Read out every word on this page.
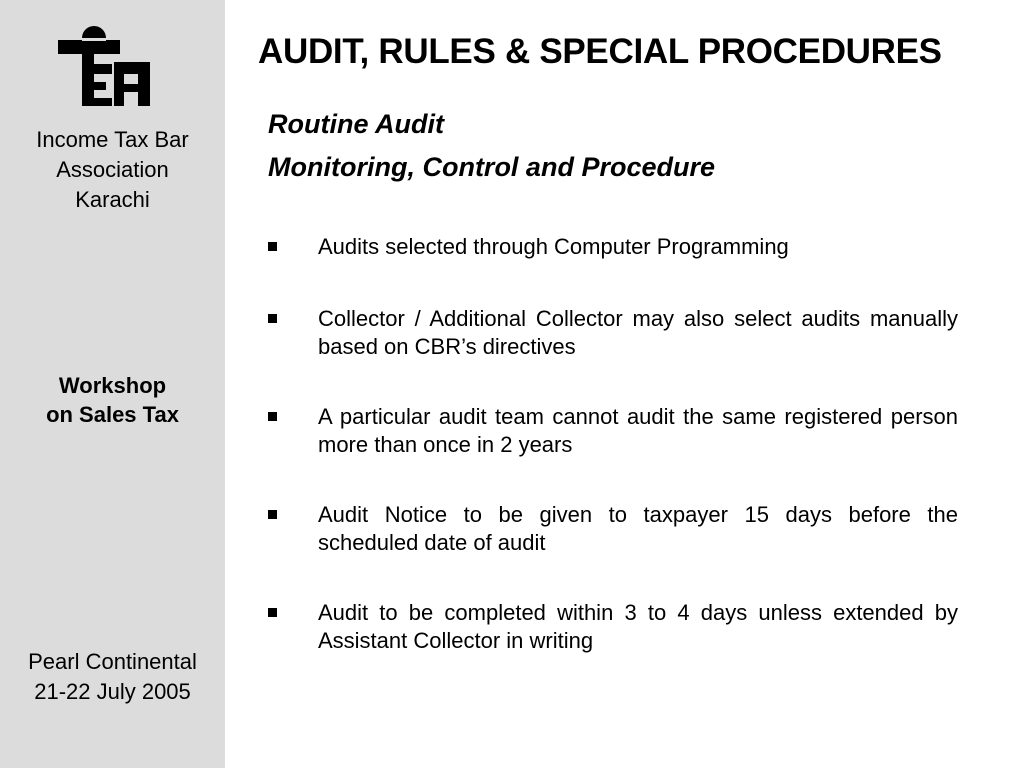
Income Tax Bar
Association
Karachi
Workshop
on Sales Tax
Pearl Continental
21-22 July 2005
AUDIT, RULES & SPECIAL PROCEDURES
Routine Audit
Monitoring, Control and Procedure
Audits selected through Computer Programming
Collector / Additional Collector may also select audits manually based on CBR’s directives
A particular audit team cannot audit the same registered person more than once in 2 years
Audit Notice to be given to taxpayer 15 days before the scheduled date of audit
Audit to be completed within 3 to 4 days unless extended by Assistant Collector in writing
